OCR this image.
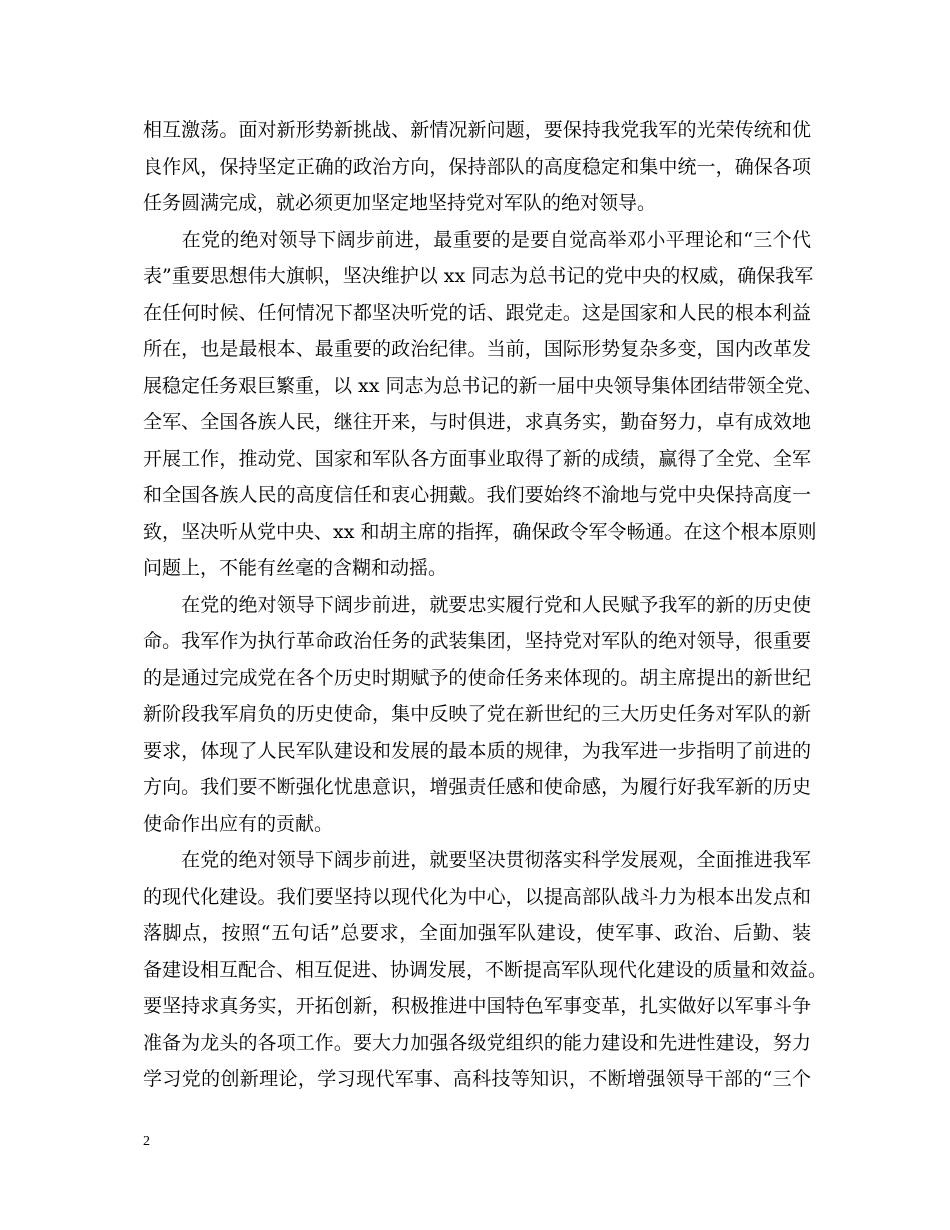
相互激荡。面对新形势新挑战、新情况新问题，要保持我党我军的光荣传统和优
良作风，保持坚定正确的政治方向，保持部队的高度稳定和集中统一，确保各项
任务圆满完成，就必须更加坚定地坚持党对军队的绝对领导。
　　在党的绝对领导下阔步前进，最重要的是要自觉高举邓小平理论和“三个代
表”重要思想伟大旗帜，坚决维护以 xx 同志为总书记的党中央的权威，确保我军
在任何时候、任何情况下都坚决听党的话、跟党走。这是国家和人民的根本利益
所在，也是最根本、最重要的政治纪律。当前，国际形势复杂多变，国内改革发
展稳定任务艰巨繁重，以 xx 同志为总书记的新一届中央领导集体团结带领全党、
全军、全国各族人民，继往开来，与时俱进，求真务实，勤奋努力，卓有成效地
开展工作，推动党、国家和军队各方面事业取得了新的成绩，赢得了全党、全军
和全国各族人民的高度信任和衷心拥戴。我们要始终不渝地与党中央保持高度一
致，坚决听从党中央、xx 和胡主席的指挥，确保政令军令畅通。在这个根本原则
问题上，不能有丝毫的含糊和动摇。
　　在党的绝对领导下阔步前进，就要忠实履行党和人民赋予我军的新的历史使
命。我军作为执行革命政治任务的武装集团，坚持党对军队的绝对领导，很重要
的是通过完成党在各个历史时期赋予的使命任务来体现的。胡主席提出的新世纪
新阶段我军肩负的历史使命，集中反映了党在新世纪的三大历史任务对军队的新
要求，体现了人民军队建设和发展的最本质的规律，为我军进一步指明了前进的
方向。我们要不断强化忧患意识，增强责任感和使命感，为履行好我军新的历史
使命作出应有的贡献。
　　在党的绝对领导下阔步前进，就要坚决贯彻落实科学发展观，全面推进我军
的现代化建设。我们要坚持以现代化为中心，以提高部队战斗力为根本出发点和
落脚点，按照“五句话”总要求，全面加强军队建设，使军事、政治、后勤、装
备建设相互配合、相互促进、协调发展，不断提高军队现代化建设的质量和效益。
要坚持求真务实，开拓创新，积极推进中国特色军事变革，扎实做好以军事斗争
准备为龙头的各项工作。要大力加强各级党组织的能力建设和先进性建设，努力
学习党的创新理论，学习现代军事、高科技等知识，不断增强领导干部的“三个
2
